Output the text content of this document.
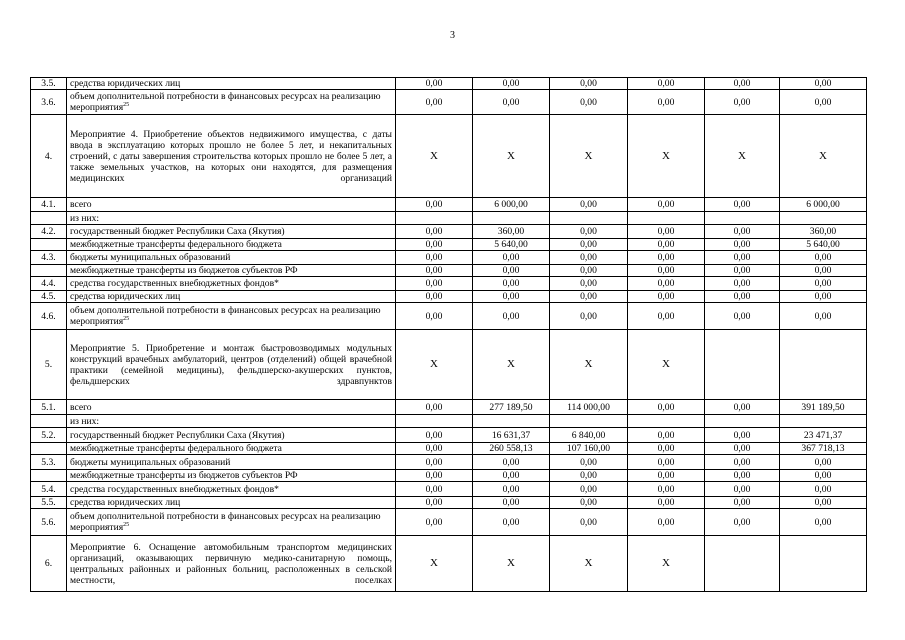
3
3.5.	средства юридических лиц	0,00	0,00	0,00	0,00	0,00	0,00
3.6.	объем дополнительной потребности в финансовых ресурсах на реализацию мероприятия$^{25}$	0,00	0,00	0,00	0,00	0,00	0,00
4.	Мероприятие 4. Приобретение объектов недвижимого имущества, с даты ввода в эксплуатацию которых прошло не более 5 лет, и некапитальных строений, с даты завершения строительства которых прошло не более 5 лет, а также земельных участков, на которых они находятся, для размещения медицинских организаций	X	X	X	X	X	X
4.1.	всего	0,00	6 000,00	0,00	0,00	0,00	6 000,00
	из них:						
4.2.	государственный бюджет Республики Саха (Якутия)	0,00	360,00	0,00	0,00	0,00	360,00
	межбюджетные трансферты федерального бюджета	0,00	5 640,00	0,00	0,00	0,00	5 640,00
4.3.	бюджеты муниципальных образований	0,00	0,00	0,00	0,00	0,00	0,00
	межбюджетные трансферты из бюджетов субъектов РФ	0,00	0,00	0,00	0,00	0,00	0,00
4.4.	средства государственных внебюджетных фондов*	0,00	0,00	0,00	0,00	0,00	0,00
4.5.	средства юридических лиц	0,00	0,00	0,00	0,00	0,00	0,00
4.6.	объем дополнительной потребности в финансовых ресурсах на реализацию мероприятия$^{25}$	0,00	0,00	0,00	0,00	0,00	0,00
5.	Мероприятие 5. Приобретение и монтаж быстровозводимых модульных конструкций врачебных амбулаторий, центров (отделений) общей врачебной практики (семейной медицины), фельдшерско-акушерских пунктов, фельдшерских здравпунктов	X	X	X	X		
5.1.	всего	0,00	277 189,50	114 000,00	0,00	0,00	391 189,50
	из них:						
5.2.	государственный бюджет Республики Саха (Якутия)	0,00	16 631,37	6 840,00	0,00	0,00	23 471,37
	межбюджетные трансферты федерального бюджета	0,00	260 558,13	107 160,00	0,00	0,00	367 718,13
5.3.	бюджеты муниципальных образований	0,00	0,00	0,00	0,00	0,00	0,00
	межбюджетные трансферты из бюджетов субъектов РФ	0,00	0,00	0,00	0,00	0,00	0,00
5.4.	средства государственных внебюджетных фондов*	0,00	0,00	0,00	0,00	0,00	0,00
5.5.	средства юридических лиц	0,00	0,00	0,00	0,00	0,00	0,00
5.6.	объем дополнительной потребности в финансовых ресурсах на реализацию мероприятия$^{25}$	0,00	0,00	0,00	0,00	0,00	0,00
6.	Мероприятие 6. Оснащение автомобильным транспортом медицинских организаций, оказывающих первичную медико-санитарную помощь, центральных районных и районных больниц, расположенных в сельской местности, поселках	X	X	X	X		
